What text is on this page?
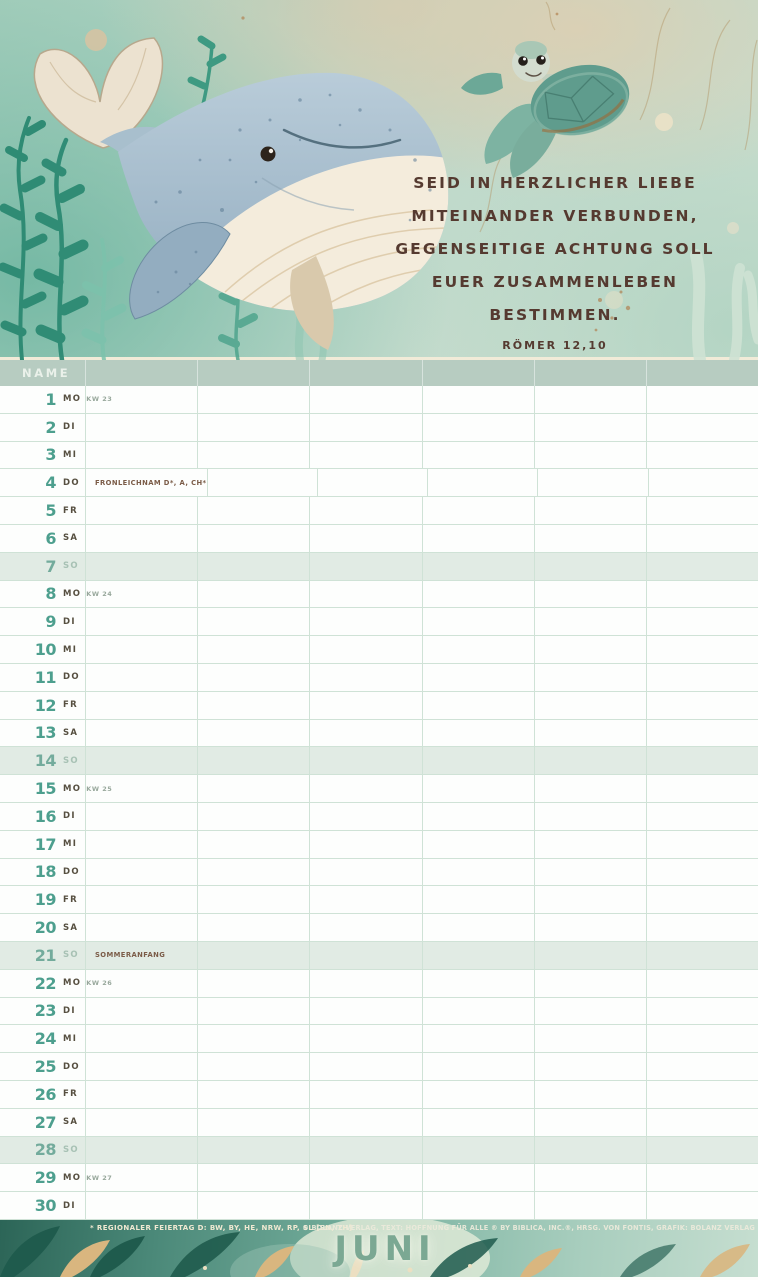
SEID IN HERZLICHER LIEBE
MITEINANDER VERBUNDEN,
GEGENSEITIGE ACHTUNG SOLL
EUER ZUSAMMENLEBEN
BESTIMMEN.
RÖMER 12,10
NAME
1 MO KW 23
2 DI
3 MI
4 DO	FRONLEICHNAM D*, A, CH*
5 FR
6 SA
7 SO
8 MO KW 24
9 DI
10 MI
11 DO
12 FR
13 SA
14 SO
15 MO KW 25
16 DI
17 MI
18 DO
19 FR
20 SA
21 SO	SOMMERANFANG
22 MO KW 26
23 DI
24 MI
25 DO
26 FR
27 SA
28 SO
29 MO KW 27
30 DI
* REGIONALER FEIERTAG D: BW, BY, HE, NRW, RP, SL [SN, TH]
© BOLANZ VERLAG, TEXT: HOFFNUNG FÜR ALLE ® BY BIBLICA, INC.®, HRSG. VON FONTIS, GRAFIK: BOLANZ VERLAG
JUNI
